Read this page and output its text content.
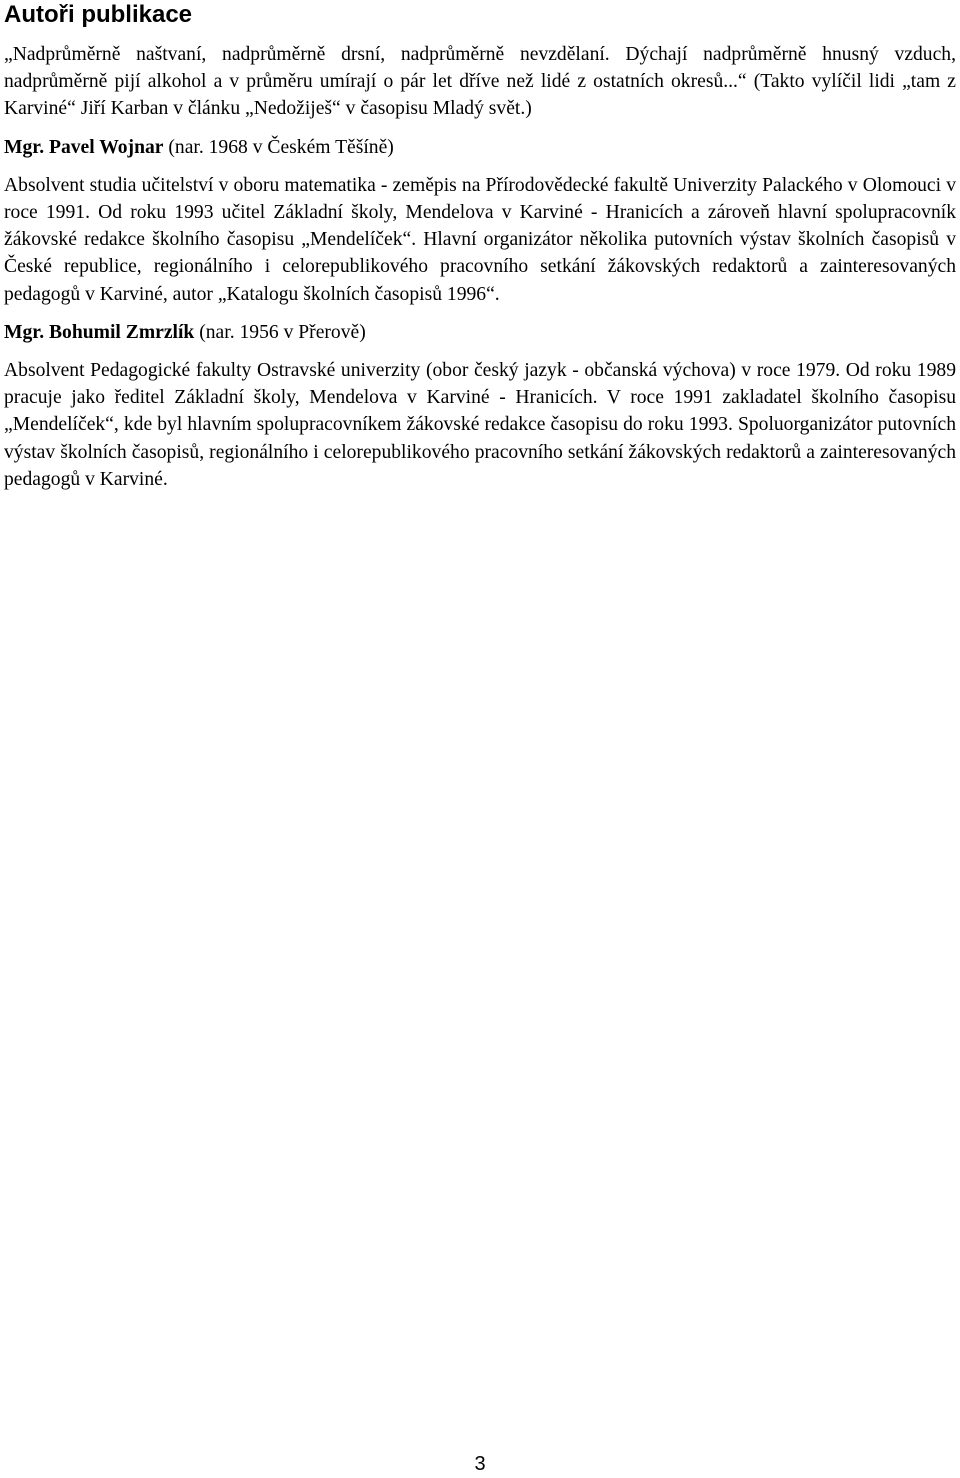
Autoři publikace

„Nadprůměrně naštvaní, nadprůměrně drsní, nadprůměrně nevzdělaní. Dýchají nadprůměrně hnusný vzduch, nadprůměrně pijí alkohol a v průměru umírají o pár let dříve než lidé z ostatních okresů...“ (Takto vylíčil lidi „tam z Karviné“ Jiří Karban v článku „Nedožiješ“ v časopisu Mladý svět.)

Mgr. Pavel Wojnar (nar. 1968 v Českém Těšíně)

Absolvent studia učitelství v oboru matematika - zeměpis na Přírodovědecké fakultě Univerzity Palackého v Olomouci v roce 1991. Od roku 1993 učitel Základní školy, Mendelova v Karviné - Hranicích a zároveň hlavní spolupracovník žákovské redakce školního časopisu „Mendelíček“. Hlavní organizátor několika putovních výstav školních časopisů v České republice, regionálního i celorepublikového pracovního setkání žákovských redaktorů a zainteresovaných pedagogů v Karviné, autor „Katalogu školních časopisů 1996“.

Mgr. Bohumil Zmrzlík (nar. 1956 v Přerově)

Absolvent Pedagogické fakulty Ostravské univerzity (obor český jazyk - občanská výchova) v roce 1979. Od roku 1989 pracuje jako ředitel Základní školy, Mendelova v Karviné - Hranicích. V roce 1991 zakladatel školního časopisu „Mendelíček“, kde byl hlavním spolupracovníkem žákovské redakce časopisu do roku 1993. Spoluorganizátor putovních výstav školních časopisů, regionálního i celorepublikového pracovního setkání žákovských redaktorů a zainteresovaných pedagogů v Karviné.

3
